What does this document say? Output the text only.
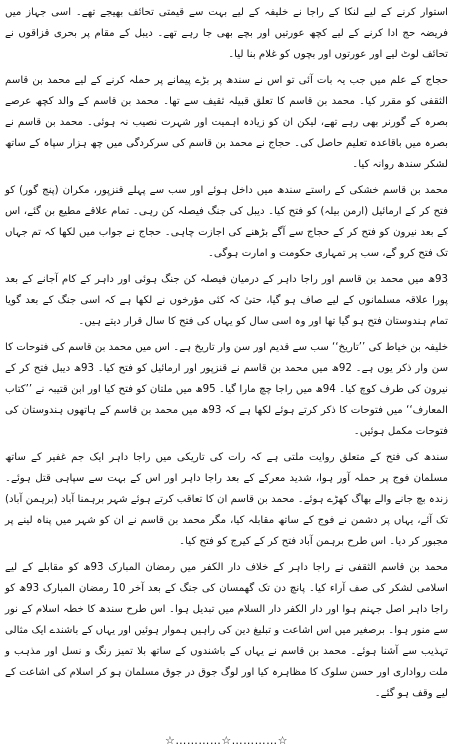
استوار کرنے کے لیے لنکا کے راجا نے خلیفہ کے لیے بہت سے قیمتی تحائف بھیجے تھے۔ اسی جہاز میں فریضہ حج ادا کرنے کے لیے کچھ عورتیں اور بچے بھی جا رہے تھے۔ دیبل کے مقام پر بحری قزاقوں نے تحائف لوٹ لیے اور عورتوں اور بچوں کو غلام بنا لیا۔

حجاج کے علم میں جب یہ بات آئی تو اس نے سندھ پر بڑے پیمانے پر حملہ کرنے کے لیے محمد بن قاسم الثقفی کو مقرر کیا۔ محمد بن قاسم کا تعلق قبیلہ ثقیف سے تھا۔ محمد بن قاسم کے والد کچھ عرصے بصرہ کے گورنر بھی رہے تھے، لیکن ان کو زیادہ اہمیت اور شہرت نصیب نہ ہوئی۔ محمد بن قاسم نے بصرہ میں باقاعدہ تعلیم حاصل کی۔ حجاج نے محمد بن قاسم کی سرکردگی میں چھ ہزار سپاہ کے ساتھ لشکر سندھ روانہ کیا۔

محمد بن قاسم خشکی کے راستے سندھ میں داخل ہوئے اور سب سے پہلے قنزپور، مکران (پنج گور) کو فتح کر کے ارمائیل (ارمن بیلہ) کو فتح کیا۔ دیبل کی جنگ فیصلہ کن رہی۔ تمام علاقے مطیع بن گئے، اس کے بعد نیرون کو فتح کر کے حجاج سے آگے بڑھنے کی اجازت چاہی۔ حجاج نے جواب میں لکھا کہ تم جہاں تک فتح کرو گے، سب پر تمہاری حکومت و امارت ہوگی۔

93ھ میں محمد بن قاسم اور راجا داہر کے درمیان فیصلہ کن جنگ ہوئی اور داہر کے کام آجانے کے بعد پورا علاقہ مسلمانوں کے لیے صاف ہو گیا، حتیٰ کہ کئی مؤرخوں نے لکھا ہے کہ اسی جنگ کے بعد گویا تمام ہندوستان فتح ہو گیا تھا اور وہ اسی سال کو یہاں کی فتح کا سال قرار دیتے ہیں۔

خلیفہ بن خیاط کی ’’تاریخ‘‘ سب سے قدیم اور سن وار تاریخ ہے۔ اس میں محمد بن قاسم کی فتوحات کا سن وار ذکر یوں ہے۔ 92ھ میں محمد بن قاسم نے قنزپور اور ارمائیل کو فتح کیا۔ 93ھ دیبل فتح کر کے نیرون کی طرف کوچ کیا۔ 94ھ میں راجا چچ مارا گیا۔ 95ھ میں ملتان کو فتح کیا اور ابن قتیبہ نے ’’کتاب المعارف‘‘ میں فتوحات کا ذکر کرتے ہوئے لکھا ہے کہ 93ھ میں محمد بن قاسم کے ہاتھوں ہندوستان کی فتوحات مکمل ہوئیں۔

سندھ کی فتح کے متعلق روایت ملتی ہے کہ رات کی تاریکی میں راجا داہر ایک جم غفیر کے ساتھ مسلمان فوج پر حملہ آور ہوا، شدید معرکے کے بعد راجا داہر اور اس کے بہت سے سپاہی قتل ہوئے۔ زندہ بچ جانے والے بھاگ کھڑے ہوئے۔ محمد بن قاسم ان کا تعاقب کرتے ہوئے شہر برہمنا آباد (برہمن آباد) تک آئے، یہاں پر دشمن نے فوج کے ساتھ مقابلہ کیا، مگر محمد بن قاسم نے ان کو شہر میں پناہ لینے پر مجبور کر دیا۔ اس طرح برہمن آباد فتح کر کے کیرج کو فتح کیا۔

محمد بن قاسم الثقفی نے راجا داہر کے خلاف دار الکفر میں رمضان المبارک 93ھ کو مقابلے کے لیے اسلامی لشکر کی صف آراء کیا۔ پانچ دن تک گھمسان کی جنگ کے بعد آخر 10 رمضان المبارک 93ھ کو راجا داہر اصل جہنم ہوا اور دار الکفر دار السلام میں تبدیل ہوا۔ اس طرح سندھ کا خطہ اسلام کے نور سے منور ہوا۔ برصغیر میں اس اشاعت و تبلیغ دین کی راہیں ہموار ہوئیں اور یہاں کے باشندے ایک مثالی تہذیب سے آشنا ہوئے۔ محمد بن قاسم نے یہاں کے باشندوں کے ساتھ بلا تمیز رنگ و نسل اور مذہب و ملت رواداری اور حسن سلوک کا مظاہرہ کیا اور لوگ جوق در جوق مسلمان ہو کر اسلام کی اشاعت کے لیے وقف ہو گئے۔

☆…………☆…………☆
